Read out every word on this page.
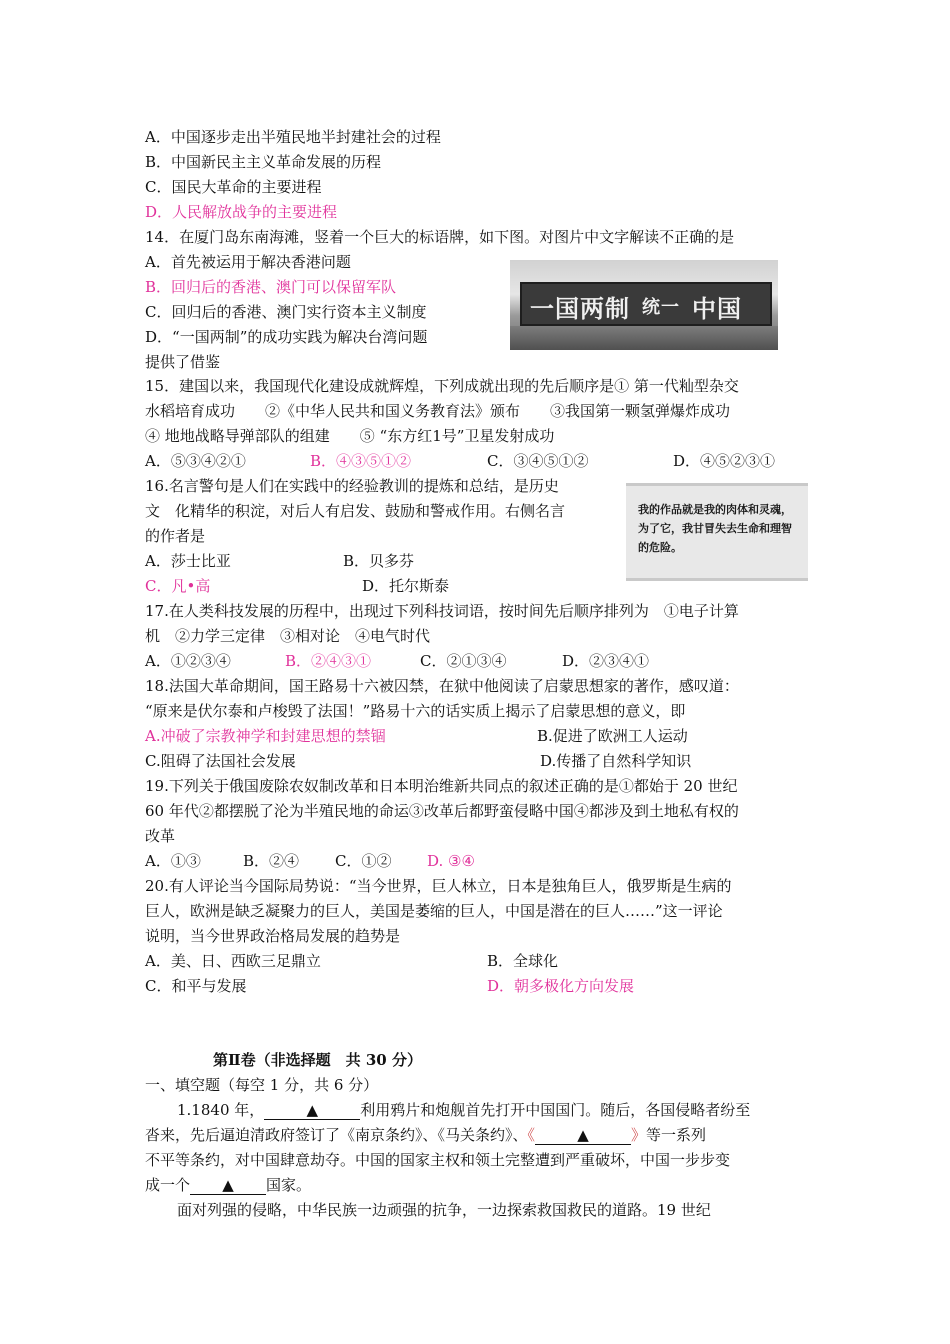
A．中国逐步走出半殖民地半封建社会的过程
B．中国新民主主义革命发展的历程
C．国民大革命的主要进程
D．人民解放战争的主要进程
14．在厦门岛东南海滩，竖着一个巨大的标语牌，如下图。对图片中文字解读不正确的是
A．首先被运用于解决香港问题
B．回归后的香港、澳门可以保留军队
C．回归后的香港、澳门实行资本主义制度
D．“一国两制”的成功实践为解决台湾问题
提供了借鉴
一国两制 统一 中国
15．建国以来，我国现代化建设成就辉煌，下列成就出现的先后顺序是① 第一代籼型杂交
水稻培育成功　　②《中华人民共和国义务教育法》颁布　　③我国第一颗氢弹爆炸成功
④ 地地战略导弹部队的组建　　⑤ “东方红1号”卫星发射成功
A．⑤③④②①	B．④③⑤①②	C．③④⑤①②	D．④⑤②③①
16.名言警句是人们在实践中的经验教训的提炼和总结，是历史
文　化精华的积淀，对后人有启发、鼓励和警戒作用。右侧名言
的作者是
A．莎士比亚	B．贝多芬
C．凡•高	D．托尔斯泰
我的作品就是我的肉体和灵魂，为了它，我甘冒失去生命和理智的危险。
17.在人类科技发展的历程中，出现过下列科技词语，按时间先后顺序排列为　①电子计算
机　②力学三定律　③相对论　④电气时代
A．①②③④	B．②④③①	C．②①③④	D．②③④①
18.法国大革命期间，国王路易十六被囚禁，在狱中他阅读了启蒙思想家的著作，感叹道：
“原来是伏尔泰和卢梭毁了法国！”路易十六的话实质上揭示了启蒙思想的意义，即
A.冲破了宗教神学和封建思想的禁锢	B.促进了欧洲工人运动
C.阻碍了法国社会发展	D.传播了自然科学知识
19.下列关于俄国废除农奴制改革和日本明治维新共同点的叙述正确的是①都始于 20 世纪
60 年代②都摆脱了沦为半殖民地的命运③改革后都野蛮侵略中国④都涉及到土地私有权的
改革
A．①③	B．②④ C．①② D. ③④
20.有人评论当今国际局势说：“当今世界，巨人林立，日本是独角巨人，俄罗斯是生病的
巨人，欧洲是缺乏凝聚力的巨人，美国是萎缩的巨人，中国是潜在的巨人……”这一评论
说明，当今世界政治格局发展的趋势是
A．美、日、西欧三足鼎立	B．全球化
C．和平与发展	D．朝多极化方向发展
第Ⅱ卷（非选择题　共 30 分）
一、填空题（每空 1 分，共 6 分）
1.1840 年，	▲	利用鸦片和炮舰首先打开中国国门。随后，各国侵略者纷至
沓来，先后逼迫清政府签订了《南京条约》、《马关条约》、《	▲	》等一系列
不平等条约，对中国肆意劫夺。中国的国家主权和领土完整遭到严重破坏，中国一步步变
成一个 ▲ 国家。
面对列强的侵略，中华民族一边顽强的抗争，一边探索救国救民的道路。19 世纪
